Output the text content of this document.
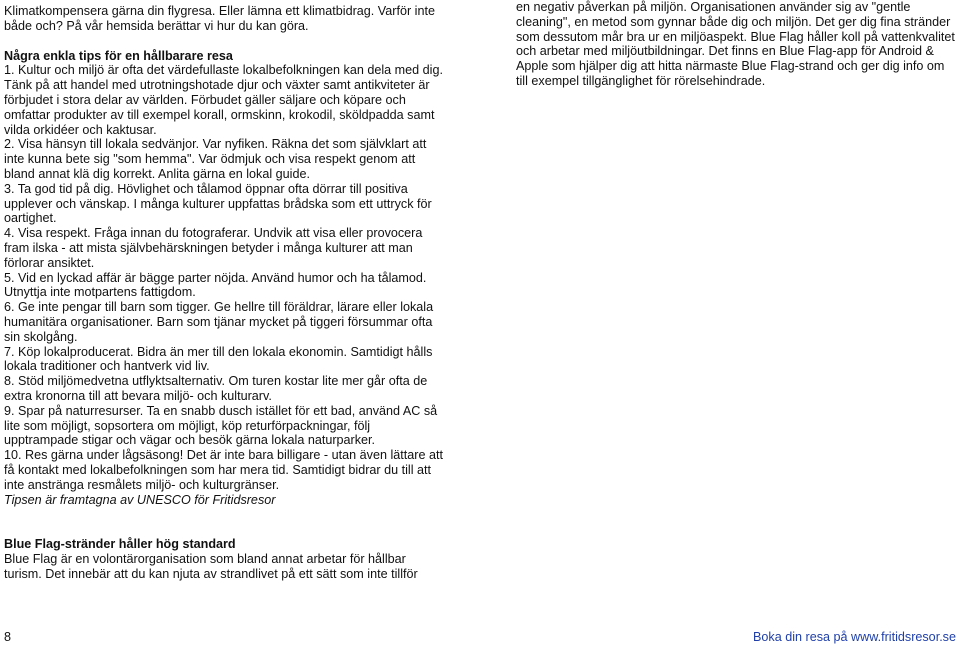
Klimatkompensera gärna din flygresa. Eller lämna ett klimatbidrag. Varför inte både och? På vår hemsida berättar vi hur du kan göra.

Några enkla tips för en hållbarare resa
1. Kultur och miljö är ofta det värdefullaste lokalbefolkningen kan dela med dig. Tänk på att handel med utrotningshotade djur och växter samt antikviteter är förbjudet i stora delar av världen. Förbudet gäller säljare och köpare och omfattar produkter av till exempel korall, ormskinn, krokodil, sköldpadda samt vilda orkidéer och kaktusar.
2. Visa hänsyn till lokala sedvänjor. Var nyfiken. Räkna det som självklart att inte kunna bete sig "som hemma". Var ödmjuk och visa respekt genom att bland annat klä dig korrekt. Anlita gärna en lokal guide.
3. Ta god tid på dig. Hövlighet och tålamod öppnar ofta dörrar till positiva upplever och vänskap. I många kulturer uppfattas brådska som ett uttryck för oartighet.
4. Visa respekt. Fråga innan du fotograferar. Undvik att visa eller provocera fram ilska - att mista självbehärskningen betyder i många kulturer att man förlorar ansiktet.
5. Vid en lyckad affär är bägge parter nöjda. Använd humor och ha tålamod. Utnyttja inte motpartens fattigdom.
6. Ge inte pengar till barn som tigger. Ge hellre till föräldrar, lärare eller lokala humanitära organisationer. Barn som tjänar mycket på tiggeri försummar ofta sin skolgång.
7. Köp lokalproducerat. Bidra än mer till den lokala ekonomin. Samtidigt hålls lokala traditioner och hantverk vid liv.
8. Stöd miljömedvetna utflyktsalternativ. Om turen kostar lite mer går ofta de extra kronorna till att bevara miljö- och kulturarv.
9. Spar på naturresurser. Ta en snabb dusch istället för ett bad, använd AC så lite som möjligt, sopsortera om möjligt, köp returförpackningar, följ upptrampade stigar och vägar och besök gärna lokala naturparker.
10. Res gärna under lågsäsong! Det är inte bara billigare - utan även lättare att få kontakt med lokalbefolkningen som har mera tid. Samtidigt bidrar du till att inte anstränga resmålets miljö- och kulturgränser.
Tipsen är framtagna av UNESCO för Fritidsresor
Blue Flag-stränder håller hög standard
Blue Flag är en volontärorganisation som bland annat arbetar för hållbar turism. Det innebär att du kan njuta av strandlivet på ett sätt som inte tillför
en negativ påverkan på miljön. Organisationen använder sig av "gentle cleaning", en metod som gynnar både dig och miljön. Det ger dig fina stränder som dessutom mår bra ur en miljöaspekt. Blue Flag håller koll på vattenkvalitet och arbetar med miljöutbildningar. Det finns en Blue Flag-app för Android & Apple som hjälper dig att hitta närmaste Blue Flag-strand och ger dig info om till exempel tillgänglighet för rörelsehindrade.
8	Boka din resa på www.fritidsresor.se
